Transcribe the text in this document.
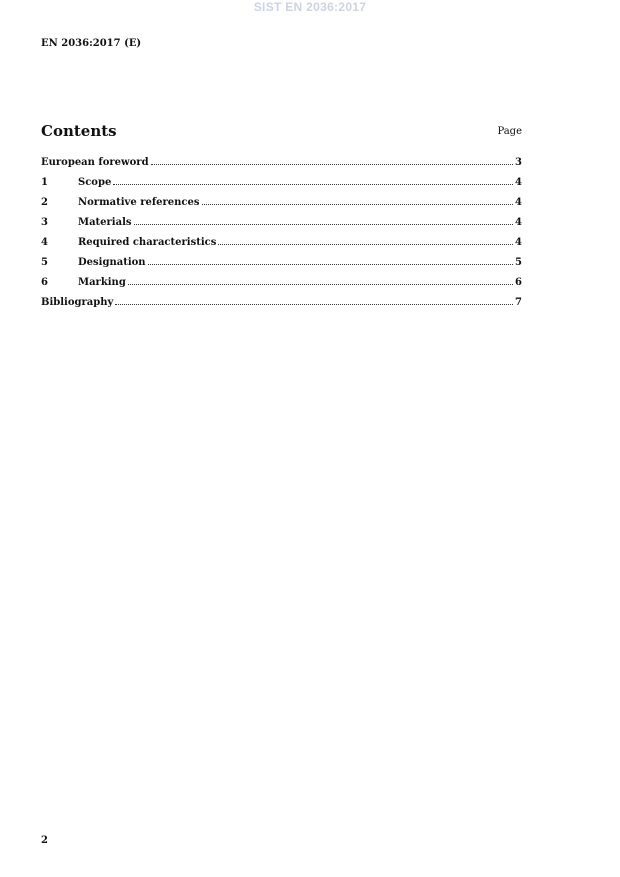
SIST EN 2036:2017
EN 2036:2017 (E)
Contents	Page
European foreword	3
1	Scope	4
2	Normative references	4
3	Materials	4
4	Required characteristics	4
5	Designation	5
6	Marking	6
Bibliography	7
2
